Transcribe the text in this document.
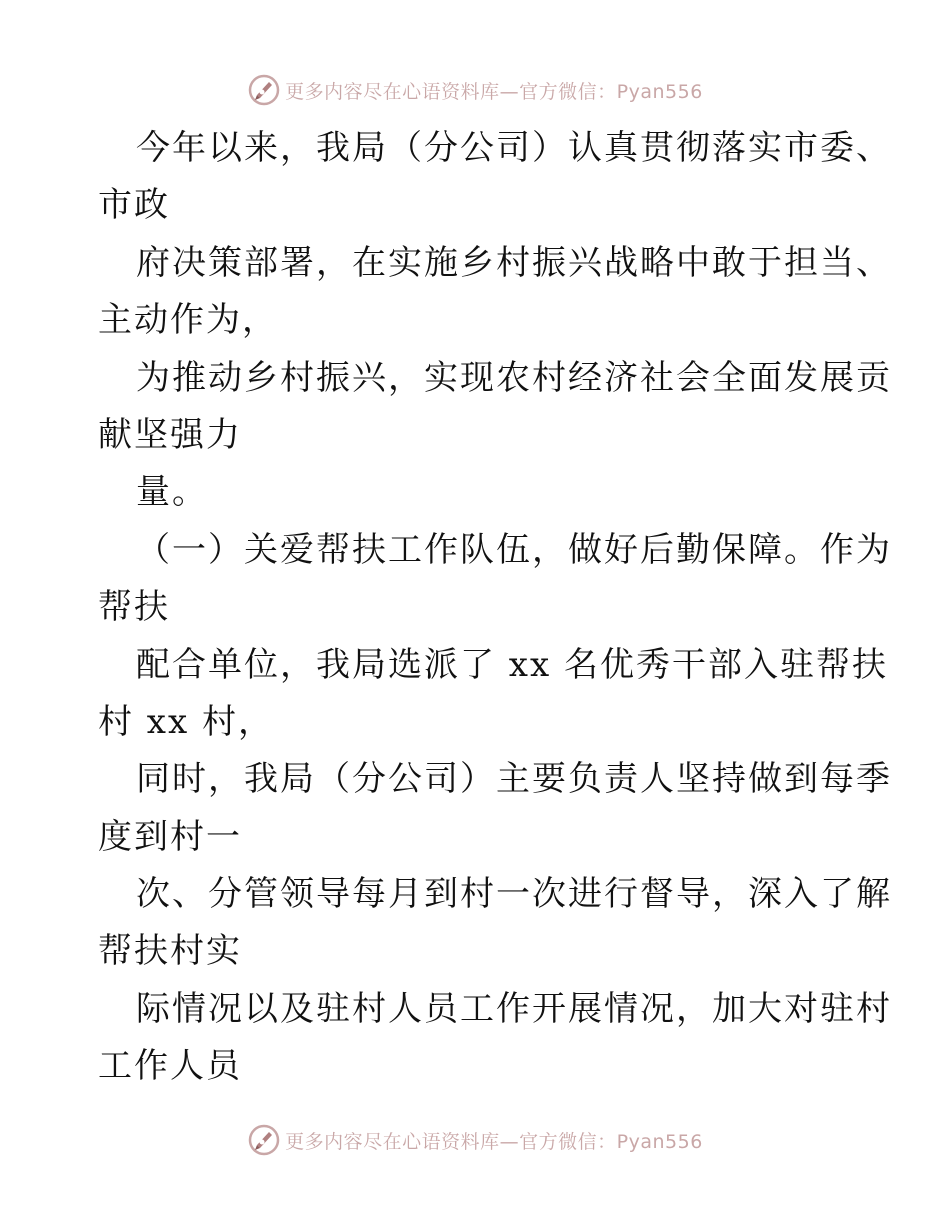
更多内容尽在心语资料库—官方微信：Pyan556
今年以来，我局（分公司）认真贯彻落实市委、
市政
府决策部署，在实施乡村振兴战略中敢于担当、
主动作为，
为推动乡村振兴，实现农村经济社会全面发展贡
献坚强力
量。
（一）关爱帮扶工作队伍，做好后勤保障。作为
帮扶
配合单位，我局选派了 xx 名优秀干部入驻帮扶
村 xx 村，
同时，我局（分公司）主要负责人坚持做到每季
度到村一
次、分管领导每月到村一次进行督导，深入了解
帮扶村实
际情况以及驻村人员工作开展情况，加大对驻村
工作人员
更多内容尽在心语资料库—官方微信：Pyan556
